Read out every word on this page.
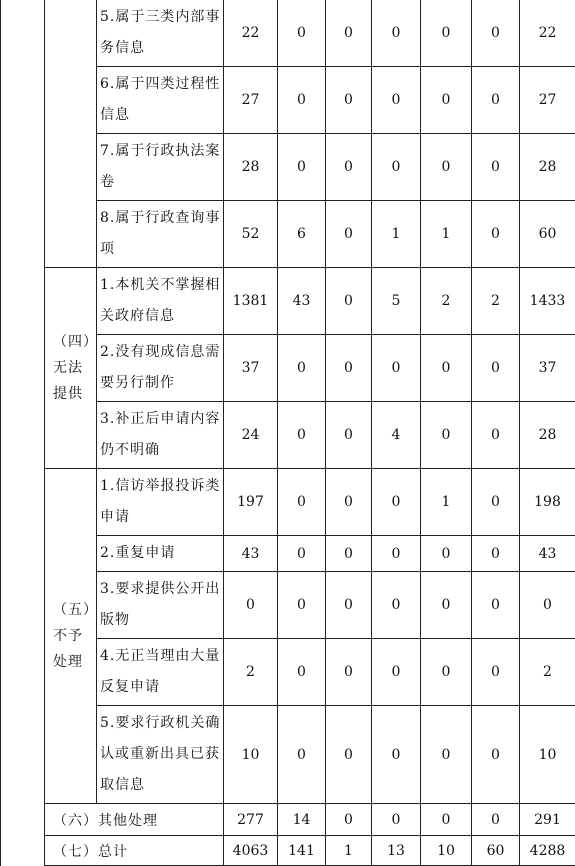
		5.属于三类内部事务信息	22	0	0	0	0	0	22
		6.属于四类过程性信息	27	0	0	0	0	0	27
		7.属于行政执法案卷	28	0	0	0	0	0	28
		8.属于行政查询事项	52	6	0	1	1	0	60
	（四）无法提供	1.本机关不掌握相关政府信息	1381	43	0	5	2	2	1433
		2.没有现成信息需要另行制作	37	0	0	0	0	0	37
		3.补正后申请内容仍不明确	24	0	0	4	0	0	28
	（五）不予处理	1.信访举报投诉类申请	197	0	0	0	1	0	198
		2.重复申请	43	0	0	0	0	0	43
		3.要求提供公开出版物	0	0	0	0	0	0	0
		4.无正当理由大量反复申请	2	0	0	0	0	0	2
		5.要求行政机关确认或重新出具已获取信息	10	0	0	0	0	0	10
	（六）其他处理		277	14	0	0	0	0	291
	（七）总计		4063	141	1	13	10	60	4288
